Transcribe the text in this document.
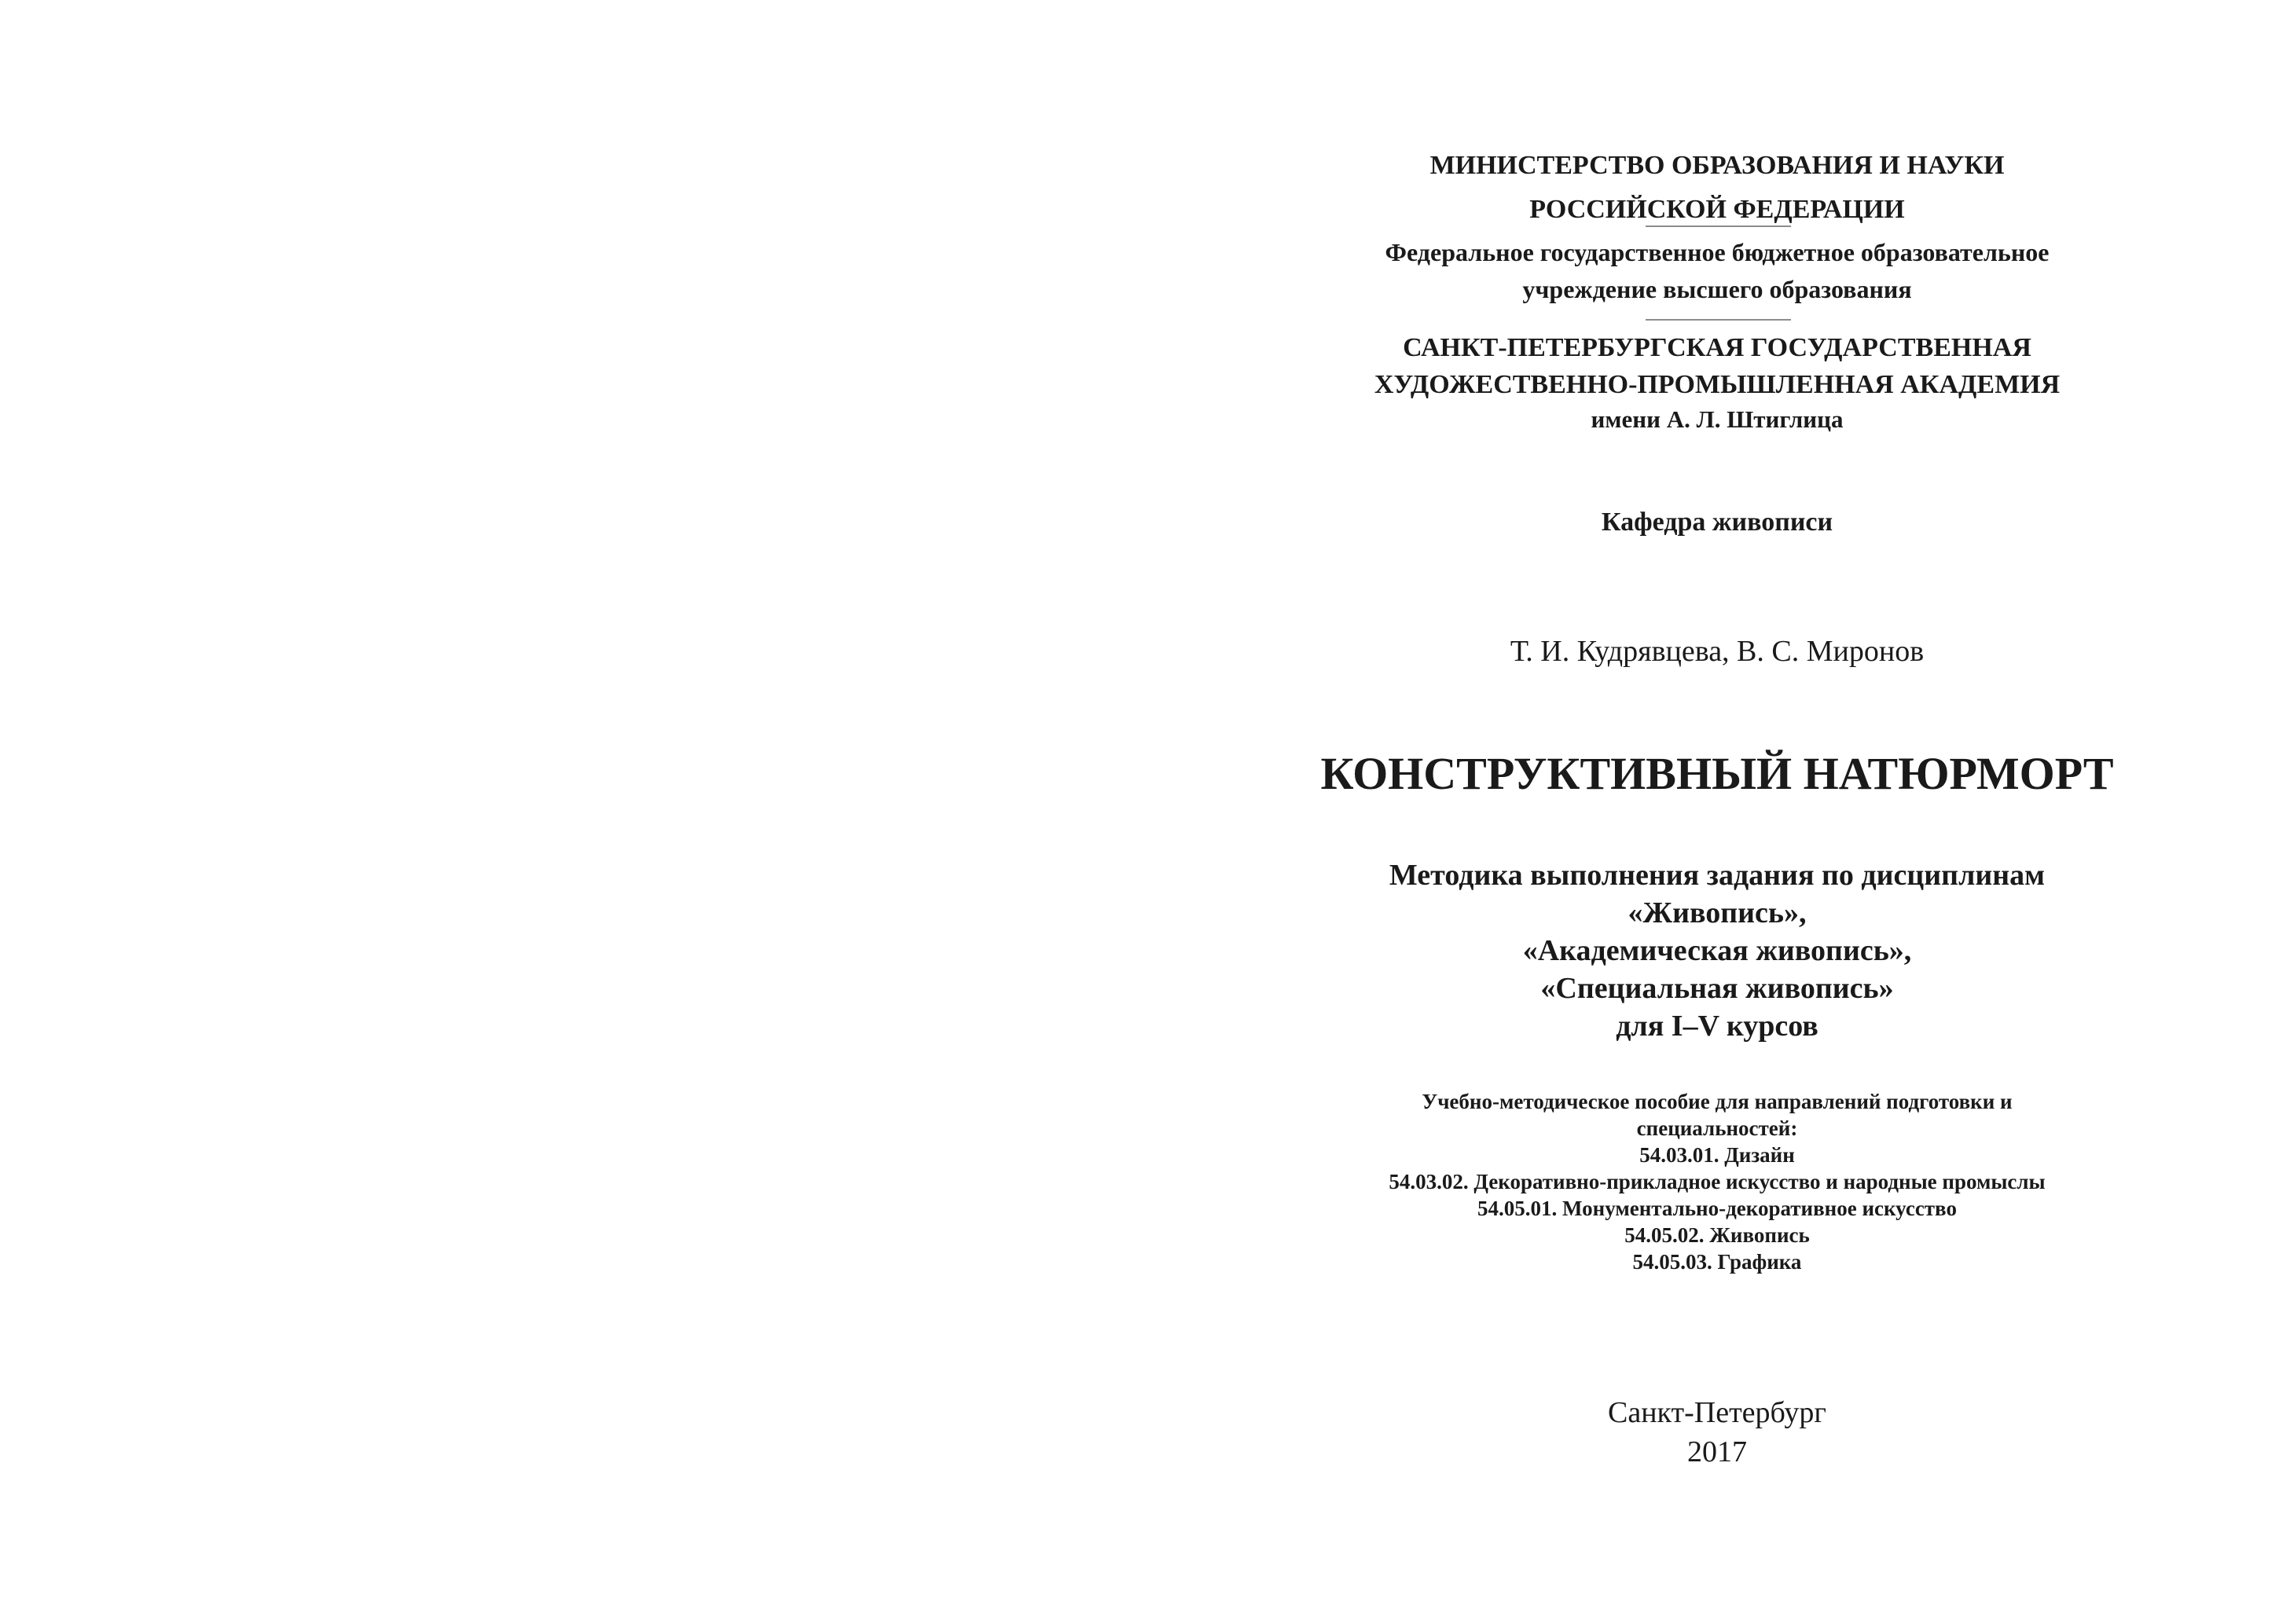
МИНИСТЕРСТВО ОБРАЗОВАНИЯ И НАУКИ
РОССИЙСКОЙ ФЕДЕРАЦИИ
Федеральное государственное бюджетное образовательное
учреждение высшего образования
САНКТ-ПЕТЕРБУРГСКАЯ ГОСУДАРСТВЕННАЯ
ХУДОЖЕСТВЕННО-ПРОМЫШЛЕННАЯ АКАДЕМИЯ
имени А. Л. Штиглица
Кафедра живописи
Т. И. Кудрявцева, В. С. Миронов
КОНСТРУКТИВНЫЙ НАТЮРМОРТ
Методика выполнения задания по дисциплинам
«Живопись»,
«Академическая живопись»,
«Специальная живопись»
для I–V курсов
Учебно-методическое пособие для направлений подготовки и
специальностей:
54.03.01. Дизайн
54.03.02. Декоративно-прикладное искусство и народные промыслы
54.05.01. Монументально-декоративное искусство
54.05.02. Живопись
54.05.03. Графика
Санкт-Петербург
2017
